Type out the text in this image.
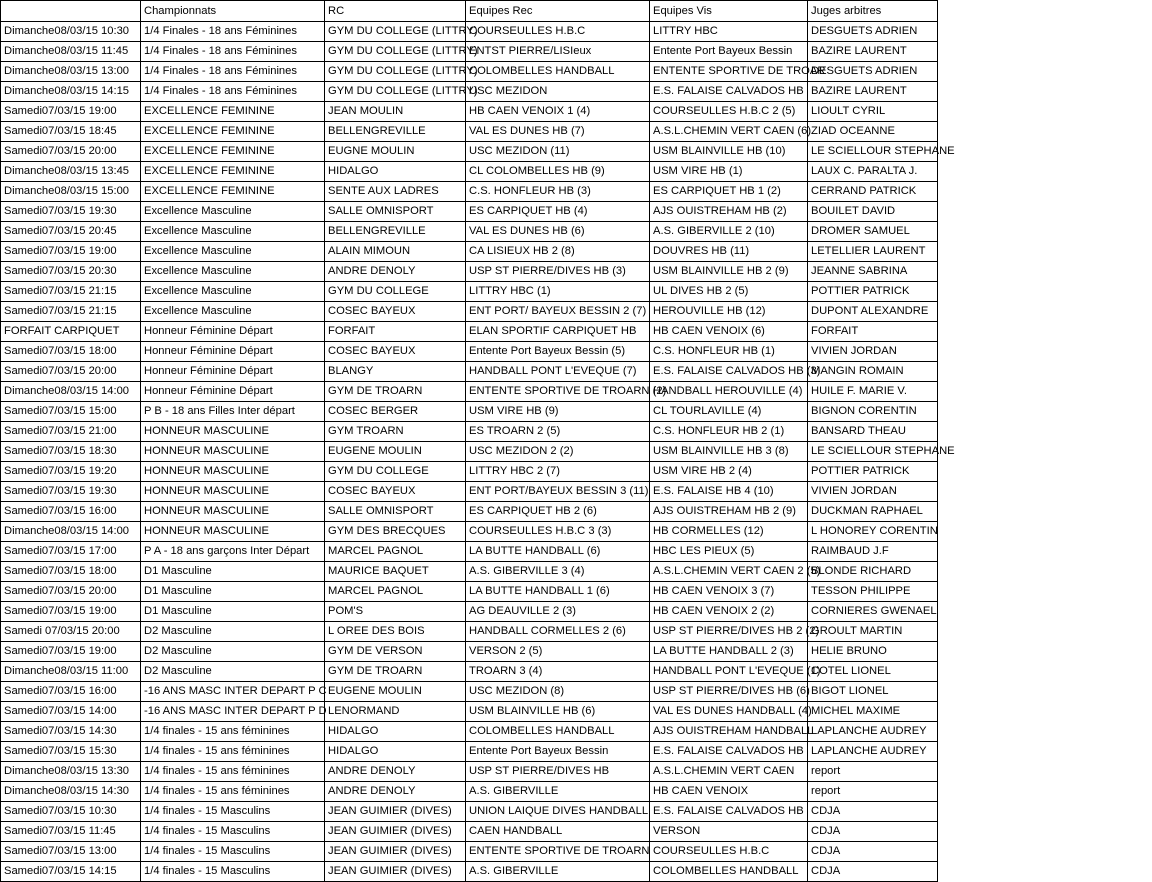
	Championnats	RC	Equipes Rec	Equipes Vis	Juges arbitres
Dimanche08/03/15 10:30	1/4 Finales - 18 ans Féminines	GYM DU COLLEGE (LITTRY)	COURSEULLES H.B.C	LITTRY HBC	DESGUETS ADRIEN
Dimanche08/03/15 11:45	1/4 Finales - 18 ans Féminines	GYM DU COLLEGE (LITTRY)	ENTST PIERRE/LISIeux	Entente Port Bayeux Bessin	BAZIRE LAURENT
Dimanche08/03/15 13:00	1/4 Finales - 18 ans Féminines	GYM DU COLLEGE (LITTRY)	COLOMBELLES HANDBALL	ENTENTE SPORTIVE DE TROAR	DESGUETS ADRIEN
Dimanche08/03/15 14:15	1/4 Finales - 18 ans Féminines	GYM DU COLLEGE (LITTRY)	USC MEZIDON	E.S. FALAISE CALVADOS HB	BAZIRE LAURENT
Samedi07/03/15 19:00	EXCELLENCE FEMININE	JEAN MOULIN	HB CAEN VENOIX 1 (4)	COURSEULLES H.B.C 2 (5)	LIOULT CYRIL
Samedi07/03/15 18:45	EXCELLENCE FEMININE	BELLENGREVILLE	VAL ES DUNES HB (7)	A.S.L.CHEMIN VERT CAEN (6)	ZIAD OCEANNE
Samedi07/03/15 20:00	EXCELLENCE FEMININE	EUGNE MOULIN	USC MEZIDON (11)	USM BLAINVILLE HB (10)	LE SCIELLOUR STEPHANE
Dimanche08/03/15 13:45	EXCELLENCE FEMININE	HIDALGO	CL COLOMBELLES HB (9)	USM VIRE HB (1)	LAUX C. PARALTA J.
Dimanche08/03/15 15:00	EXCELLENCE FEMININE	SENTE AUX LADRES	C.S. HONFLEUR HB (3)	ES CARPIQUET HB 1 (2)	CERRAND PATRICK
Samedi07/03/15 19:30	Excellence Masculine	SALLE OMNISPORT	ES CARPIQUET HB (4)	AJS OUISTREHAM HB (2)	BOUILET DAVID
Samedi07/03/15 20:45	Excellence Masculine	BELLENGREVILLE	VAL ES DUNES HB (6)	A.S. GIBERVILLE 2 (10)	DROMER SAMUEL
Samedi07/03/15 19:00	Excellence Masculine	ALAIN MIMOUN	CA LISIEUX HB 2 (8)	DOUVRES HB (11)	LETELLIER LAURENT
Samedi07/03/15 20:30	Excellence Masculine	ANDRE DENOLY	USP ST PIERRE/DIVES HB (3)	USM BLAINVILLE HB 2 (9)	JEANNE SABRINA
Samedi07/03/15 21:15	Excellence Masculine	GYM DU COLLEGE	LITTRY HBC (1)	UL DIVES HB 2 (5)	POTTIER PATRICK
Samedi07/03/15 21:15	Excellence Masculine	COSEC BAYEUX	ENT PORT/ BAYEUX BESSIN 2 (7)	HEROUVILLE HB (12)	DUPONT ALEXANDRE
FORFAIT CARPIQUET	Honneur Féminine Départ	FORFAIT	ELAN SPORTIF CARPIQUET HB	HB CAEN VENOIX (6)	FORFAIT
Samedi07/03/15 18:00	Honneur Féminine Départ	COSEC BAYEUX	Entente Port Bayeux Bessin (5)	C.S. HONFLEUR HB (1)	VIVIEN JORDAN
Samedi07/03/15 20:00	Honneur Féminine Départ	BLANGY	HANDBALL PONT L'EVEQUE (7)	E.S. FALAISE CALVADOS HB (3)	MANGIN ROMAIN
Dimanche08/03/15 14:00	Honneur Féminine Départ	GYM DE TROARN	ENTENTE SPORTIVE DE TROARN (2)	HANDBALL HEROUVILLE (4)	HUILE F. MARIE V.
Samedi07/03/15 15:00	P B - 18 ans Filles Inter départ	COSEC BERGER	USM VIRE HB (9)	CL TOURLAVILLE (4)	BIGNON CORENTIN
Samedi07/03/15 21:00	HONNEUR MASCULINE	GYM TROARN	ES TROARN 2 (5)	C.S. HONFLEUR HB 2 (1)	BANSARD THEAU
Samedi07/03/15 18:30	HONNEUR MASCULINE	EUGENE MOULIN	USC MEZIDON 2 (2)	USM BLAINVILLE HB 3 (8)	LE SCIELLOUR STEPHANE
Samedi07/03/15 19:20	HONNEUR MASCULINE	GYM DU COLLEGE	LITTRY HBC 2 (7)	USM VIRE HB 2 (4)	POTTIER PATRICK
Samedi07/03/15 19:30	HONNEUR MASCULINE	COSEC BAYEUX	ENT PORT/BAYEUX BESSIN 3 (11)	E.S. FALAISE HB 4 (10)	VIVIEN JORDAN
Samedi07/03/15 16:00	HONNEUR MASCULINE	SALLE OMNISPORT	ES CARPIQUET HB 2 (6)	AJS OUISTREHAM HB 2 (9)	DUCKMAN RAPHAEL
Dimanche08/03/15 14:00	HONNEUR MASCULINE	GYM DES BRECQUES	COURSEULLES H.B.C 3 (3)	HB CORMELLES (12)	L HONOREY CORENTIN
Samedi07/03/15 17:00	P A - 18 ans garçons Inter Départ	MARCEL PAGNOL	LA BUTTE HANDBALL (6)	HBC LES PIEUX (5)	RAIMBAUD J.F
Samedi07/03/15 18:00	D1 Masculine	MAURICE BAQUET	A.S. GIBERVILLE 3 (4)	A.S.L.CHEMIN VERT CAEN 2 (5)	BLONDE RICHARD
Samedi07/03/15 20:00	D1 Masculine	MARCEL PAGNOL	LA BUTTE HANDBALL 1 (6)	HB CAEN VENOIX 3 (7)	TESSON PHILIPPE
Samedi07/03/15 19:00	D1 Masculine	POM'S	AG DEAUVILLE 2 (3)	HB CAEN VENOIX 2 (2)	CORNIERES GWENAEL
Samedi 07/03/15 20:00	D2 Masculine	L OREE DES BOIS	HANDBALL CORMELLES 2 (6)	USP ST PIERRE/DIVES HB 2 (2)	GROULT MARTIN
Samedi07/03/15 19:00	D2 Masculine	GYM DE VERSON	VERSON 2 (5)	LA BUTTE HANDBALL 2 (3)	HELIE BRUNO
Dimanche08/03/15 11:00	D2 Masculine	GYM DE TROARN	TROARN 3 (4)	HANDBALL PONT L'EVEQUE (1)	COTEL LIONEL
Samedi07/03/15 16:00	-16 ANS MASC INTER DEPART P C	EUGENE MOULIN	USC MEZIDON (8)	USP ST PIERRE/DIVES HB (6)	BIGOT LIONEL
Samedi07/03/15 14:00	-16 ANS MASC INTER DEPART P D	LENORMAND	USM BLAINVILLE HB (6)	VAL ES DUNES HANDBALL (4)	MICHEL MAXIME
Samedi07/03/15 14:30	1/4 finales - 15 ans féminines	HIDALGO	COLOMBELLES HANDBALL	AJS OUISTREHAM HANDBALL	LAPLANCHE AUDREY
Samedi07/03/15 15:30	1/4 finales - 15 ans féminines	HIDALGO	Entente Port Bayeux Bessin	E.S. FALAISE CALVADOS HB	LAPLANCHE AUDREY
Dimanche08/03/15 13:30	1/4 finales - 15 ans féminines	ANDRE DENOLY	USP ST PIERRE/DIVES HB	A.S.L.CHEMIN VERT CAEN	report
Dimanche08/03/15 14:30	1/4 finales - 15 ans féminines	ANDRE DENOLY	A.S. GIBERVILLE	HB CAEN VENOIX	report
Samedi07/03/15 10:30	1/4 finales - 15 Masculins	JEAN GUIMIER (DIVES)	UNION LAIQUE DIVES HANDBALL	E.S. FALAISE CALVADOS HB	CDJA
Samedi07/03/15 11:45	1/4 finales - 15 Masculins	JEAN GUIMIER (DIVES)	CAEN HANDBALL	VERSON	CDJA
Samedi07/03/15 13:00	1/4 finales - 15 Masculins	JEAN GUIMIER (DIVES)	ENTENTE SPORTIVE DE TROARN	COURSEULLES H.B.C	CDJA
Samedi07/03/15 14:15	1/4 finales - 15 Masculins	JEAN GUIMIER (DIVES)	A.S. GIBERVILLE	COLOMBELLES HANDBALL	CDJA
